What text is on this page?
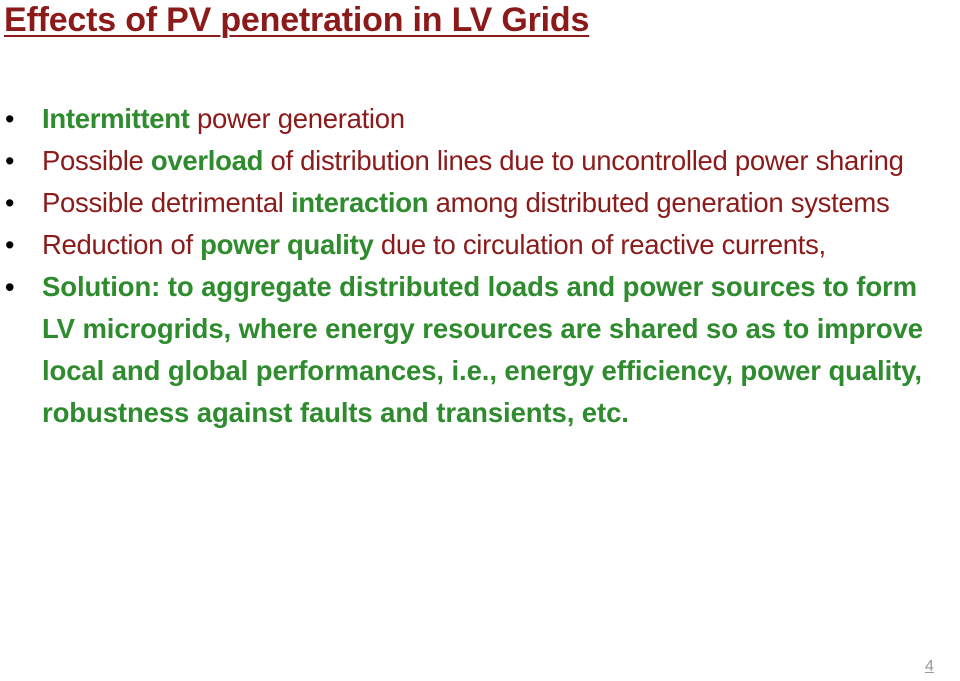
Effects of PV penetration in LV Grids
• Intermittent power generation
• Possible overload of distribution lines due to uncontrolled power sharing
• Possible detrimental interaction among distributed generation systems
• Reduction of power quality due to circulation of reactive currents,
• Solution: to aggregate distributed loads and power sources to form LV microgrids, where energy resources are shared so as to improve local and global performances, i.e., energy efficiency, power quality, robustness against faults and transients, etc.
4
